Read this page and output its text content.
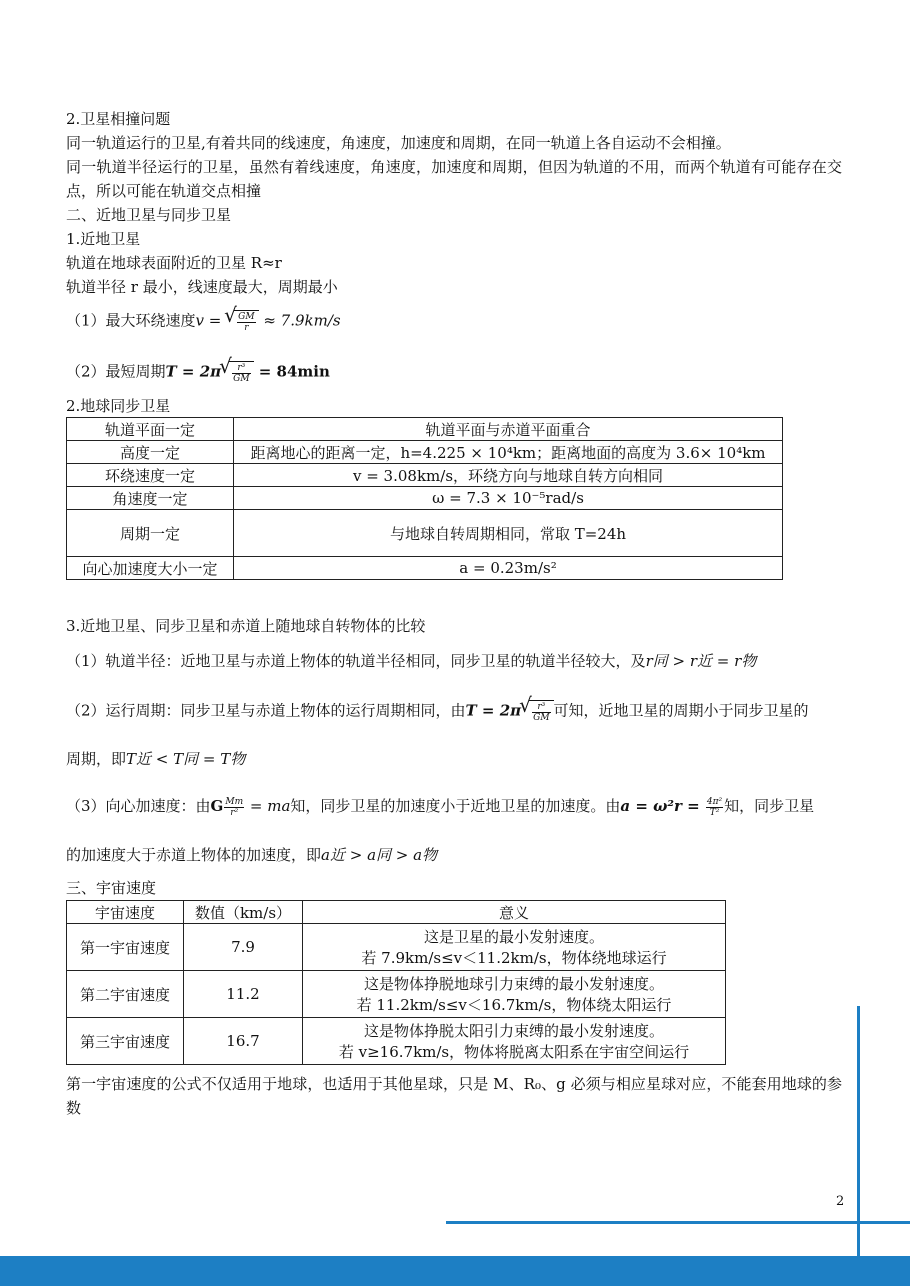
2.卫星相撞问题
同一轨道运行的卫星,有着共同的线速度，角速度，加速度和周期，在同一轨道上各自运动不会相撞。
同一轨道半径运行的卫星，虽然有着线速度，角速度，加速度和周期，但因为轨道的不用，而两个轨道有可能存在交点，所以可能在轨道交点相撞
二、近地卫星与同步卫星
1.近地卫星
轨道在地球表面附近的卫星 R≈r
轨道半径 r 最小，线速度最大，周期最小
（1）最大环绕速度v = √ $\frac{GM}{r} \approx 7.9km/s$
（2）最短周期T = 2π √ $\frac{\text{r³}}{GM} = 84\min$
2.地球同步卫星
轨道平面一定	轨道平面与赤道平面重合
高度一定	距离地心的距离一定，h=4.225 × 10⁴km；距离地面的高度为 3.6× 10⁴km
环绕速度一定	v = 3.08km/s，环绕方向与地球自转方向相同
角速度一定	ω = 7.3 × 10⁻⁵rad/s
周期一定	与地球自转周期相同，常取 T=24h
向心加速度大小一定	a = 0.23m/s²
3.近地卫星、同步卫星和赤道上随地球自转物体的比较
（1）轨道半径：近地卫星与赤道上物体的轨道半径相同，同步卫星的轨道半径较大，及r同 > r近 = r物
（2）运行周期：同步卫星与赤道上物体的运行周期相同，由T = 2π √ $\frac{\text{r³}}{GM}$ 可知，近地卫星的周期小于同步卫星的
周期，即T近 < T同 = T物
（3）向心加速度：由G $\frac{Mm}{\text{r²}}$ = ma知，同步卫星的加速度小于近地卫星的加速度。由$a = \omega^2r = \frac{\text{4π²}}{\text{T²}}$ 知，同步卫星
的加速度大于赤道上物体的加速度，即a近 > a同 > a物
三、宇宙速度
宇宙速度	数值（km/s）	意义
第一宇宙速度	7.9	这是卫星的最小发射速度。
若 7.9km/s≤v＜11.2km/s，物体绕地球运行

第二宇宙速度	11.2	这是物体挣脱地球引力束缚的最小发射速度。
若 11.2km/s≤v＜16.7km/s，物体绕太阳运行

第三宇宙速度	16.7	这是物体挣脱太阳引力束缚的最小发射速度。
若 v≥16.7km/s，物体将脱离太阳系在宇宙空间运行
第一宇宙速度的公式不仅适用于地球，也适用于其他星球，只是 M、R₀、g 必须与相应星球对应，不能套用地球的参数
2
